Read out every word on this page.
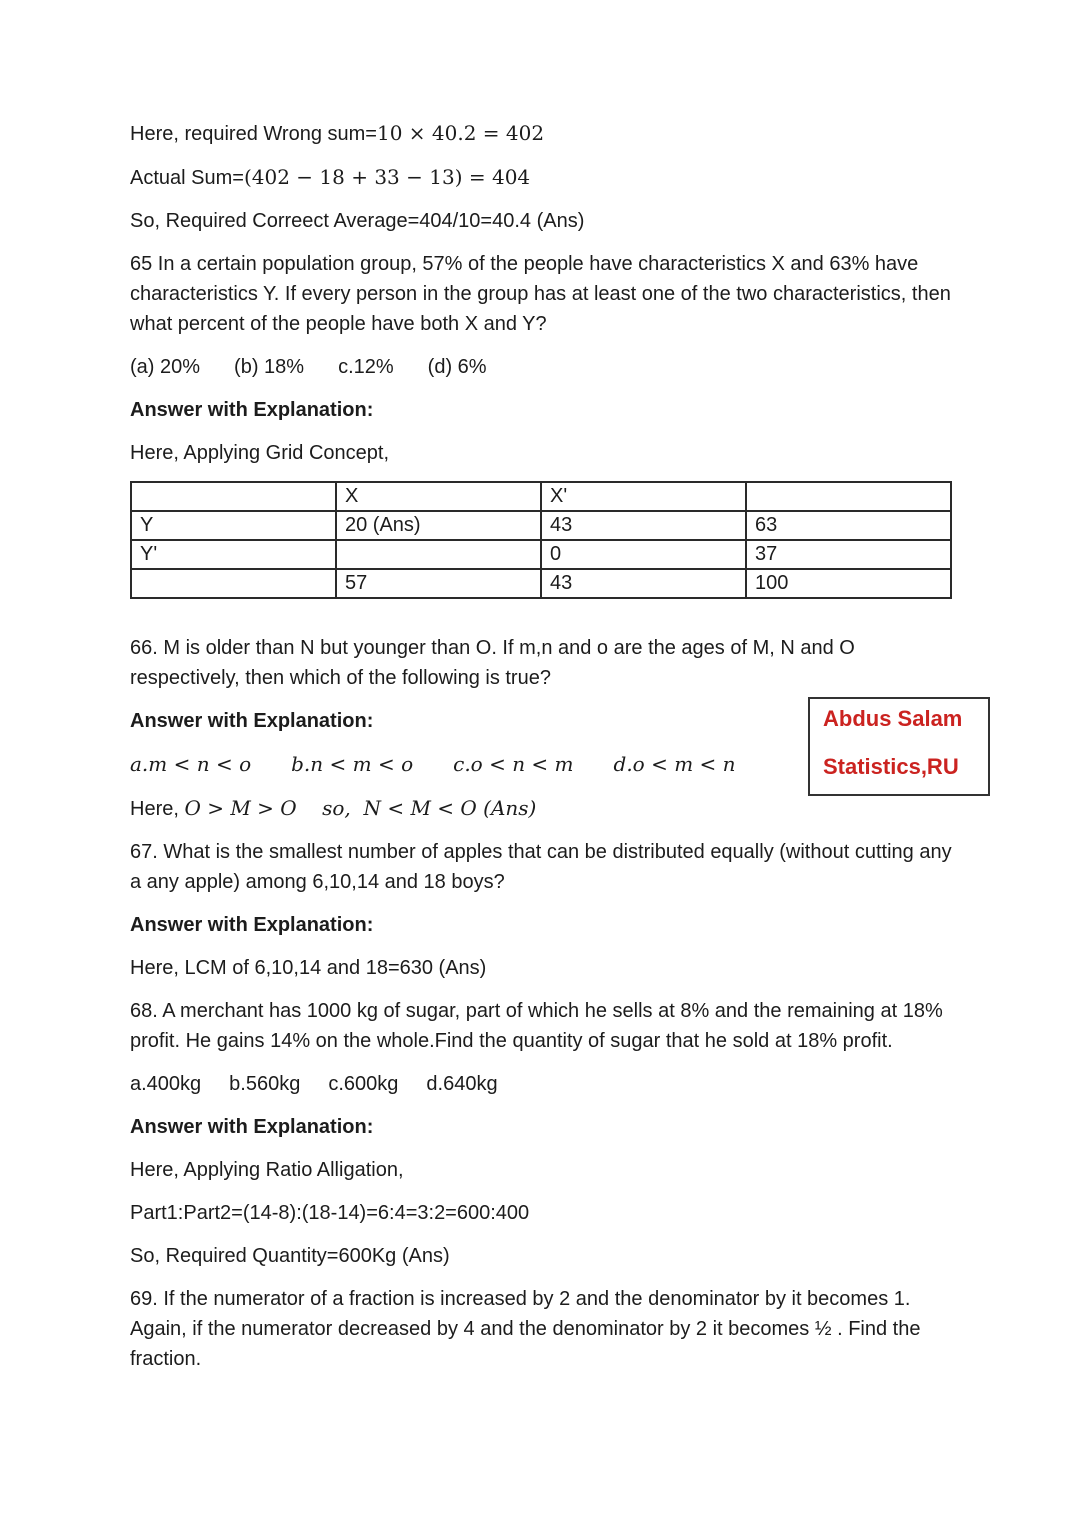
Here, required Wrong sum=10 × 40.2 = 402

Actual Sum=(402 − 18 + 33 − 13) = 404

So, Required Correect Average=404/10=40.4 (Ans)

65 In a certain population group, 57% of the people have characteristics X and 63% have characteristics Y. If every person in the group has at least one of the two characteristics, then what percent of the people have both X and Y?

(a) 20% (b) 18% c.12% (d) 6%

Answer with Explanation:

Here, Applying Grid Concept,

	X	X'	
Y	20 (Ans)	43	63
Y'		0	37
	57	43	100

66. M is older than N but younger than O. If m,n and o are the ages of M, N and O respectively, then which of the following is true?

Answer with Explanation:

a.m < n < o b.n < m < o c.o < n < m d.o < m < n

Here, O > M > O    so,  N < M < O (Ans)

67. What is the smallest number of apples that can be distributed equally (without cutting any a any apple) among 6,10,14 and 18 boys?

Answer with Explanation:

Here, LCM of 6,10,14 and 18=630 (Ans)

68. A merchant has 1000 kg of sugar, part of which he sells at 8% and the remaining at 18% profit. He gains 14% on the whole.Find the quantity of sugar that he sold at 18% profit.

a.400kg b.560kg c.600kg d.640kg

Answer with Explanation:

Here, Applying Ratio Alligation,

Part1:Part2=(14-8):(18-14)=6:4=3:2=600:400

So, Required Quantity=600Kg (Ans)

69. If the numerator of a fraction is increased by 2 and the denominator by it becomes 1. Again, if the numerator decreased by 4 and the denominator by 2 it becomes ½ . Find the fraction.

Abdus Salam
Statistics,RU
